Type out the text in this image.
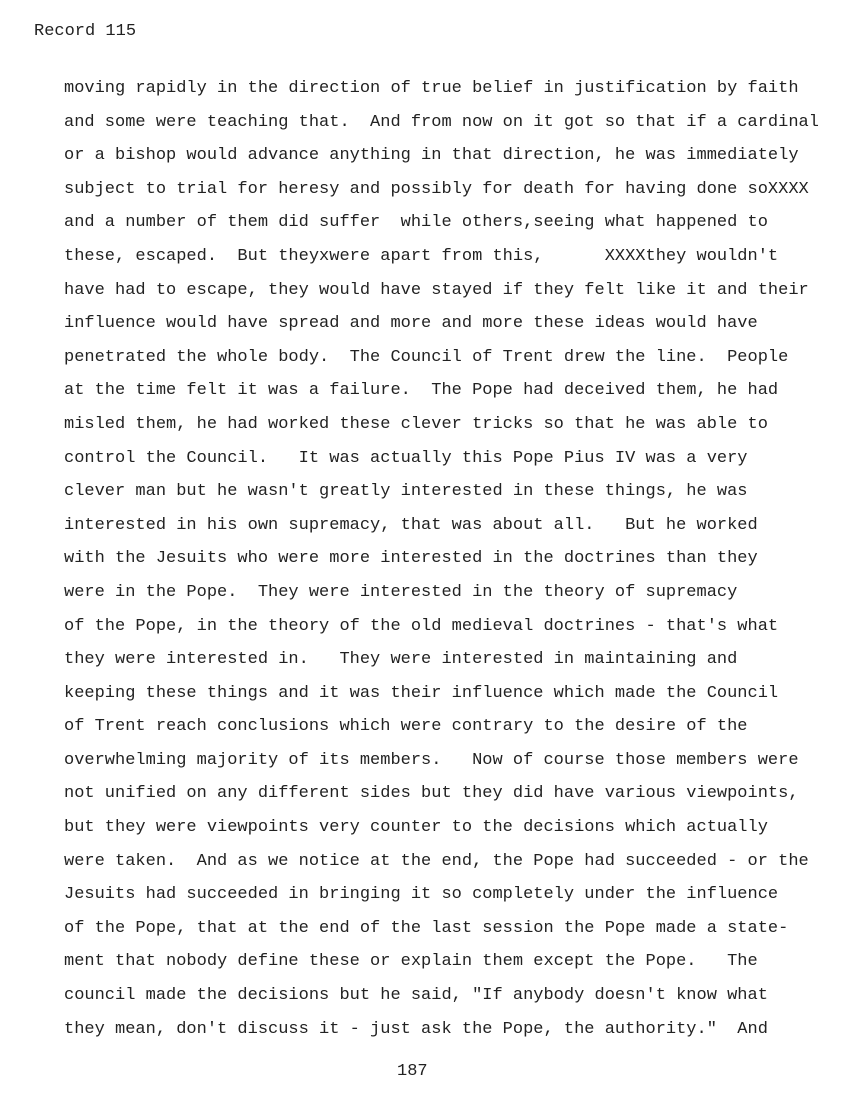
Record 115
moving rapidly in the direction of true belief in justification by faith
and some were teaching that.  And from now on it got so that if a cardinal
or a bishop would advance anything in that direction, he was immediately
subject to trial for heresy and possibly for death for having done soXXXX
and a number of them did suffer  while others,seeing what happened to
these, escaped.  But theyxwere apart from this,      XXXXthey wouldn't
have had to escape, they would have stayed if they felt like it and their
influence would have spread and more and more these ideas would have
penetrated the whole body.  The Council of Trent drew the line.  People
at the time felt it was a failure.  The Pope had deceived them, he had
misled them, he had worked these clever tricks so that he was able to
control the Council.   It was actually this Pope Pius IV was a very
clever man but he wasn't greatly interested in these things, he was
interested in his own supremacy, that was about all.   But he worked
with the Jesuits who were more interested in the doctrines than they
were in the Pope.  They were interested in the theory of supremacy
of the Pope, in the theory of the old medieval doctrines - that's what
they were interested in.   They were interested in maintaining and
keeping these things and it was their influence which made the Council
of Trent reach conclusions which were contrary to the desire of the
overwhelming majority of its members.   Now of course those members were
not unified on any different sides but they did have various viewpoints,
but they were viewpoints very counter to the decisions which actually
were taken.  And as we notice at the end, the Pope had succeeded - or the
Jesuits had succeeded in bringing it so completely under the influence
of the Pope, that at the end of the last session the Pope made a state-
ment that nobody define these or explain them except the Pope.   The
council made the decisions but he said, "If anybody doesn't know what
they mean, don't discuss it - just ask the Pope, the authority."  And
187
